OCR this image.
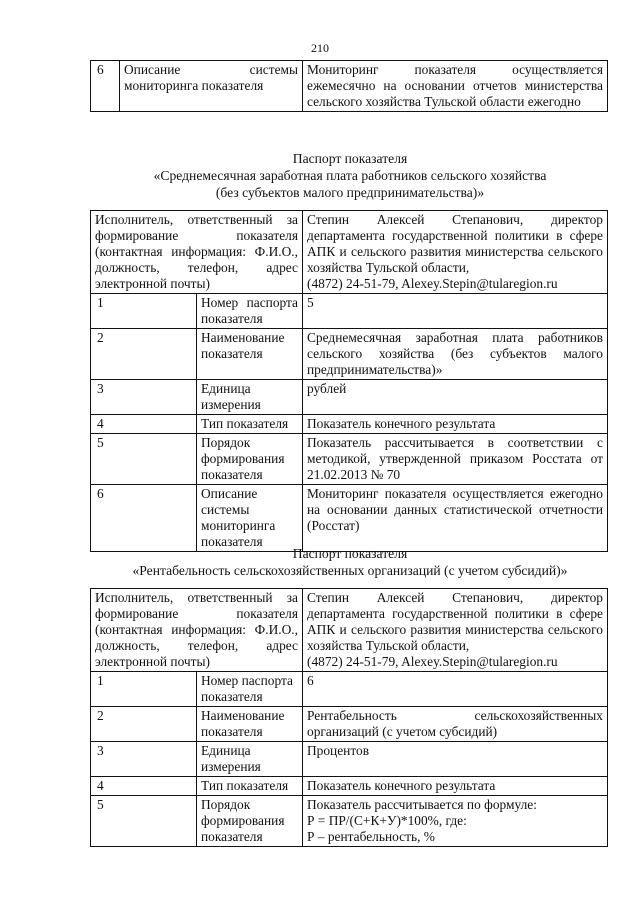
210
6	Описание системы мониторинга показателя	Мониторинг показателя осуществляется ежемесячно на основании отчетов министерства сельского хозяйства Тульской области ежегодно
Паспорт показателя
«Среднемесячная заработная плата работников сельского хозяйства
(без субъектов малого предпринимательства)»
Исполнитель, ответственный за формирование показателя (контактная информация: Ф.И.О., должность, телефон, адрес электронной почты)		Степин Алексей Степанович, директор департамента государственной политики в сфере АПК и сельского развития министерства сельского хозяйства Тульской области,
(4872) 24-51-79, Alexey.Stepin@tularegion.ru
1	Номер паспорта показателя	5
2	Наименование показателя	Среднемесячная заработная плата работников сельского хозяйства (без субъектов малого предпринимательства)»
3	Единица измерения	рублей
4	Тип показателя	Показатель конечного результата
5	Порядок формирования показателя	Показатель рассчитывается в соответствии с методикой, утвержденной приказом Росстата от 21.02.2013 № 70
6	Описание системы мониторинга показателя	Мониторинг показателя осуществляется ежегодно на основании данных статистической отчетности (Росстат)
Паспорт показателя
«Рентабельность сельскохозяйственных организаций (с учетом субсидий)»
Исполнитель, ответственный за формирование показателя (контактная информация: Ф.И.О., должность, телефон, адрес электронной почты)		Степин Алексей Степанович, директор департамента государственной политики в сфере АПК и сельского развития министерства сельского хозяйства Тульской области,
(4872) 24-51-79, Alexey.Stepin@tularegion.ru
1	Номер паспорта показателя	6
2	Наименование показателя	Рентабельность сельскохозяйственных организаций (с учетом субсидий)
3	Единица измерения	Процентов
4	Тип показателя	Показатель конечного результата
5	Порядок формирования показателя	Показатель рассчитывается по формуле:
Р = ПР/(С+К+У)*100%, где:
Р – рентабельность, %
